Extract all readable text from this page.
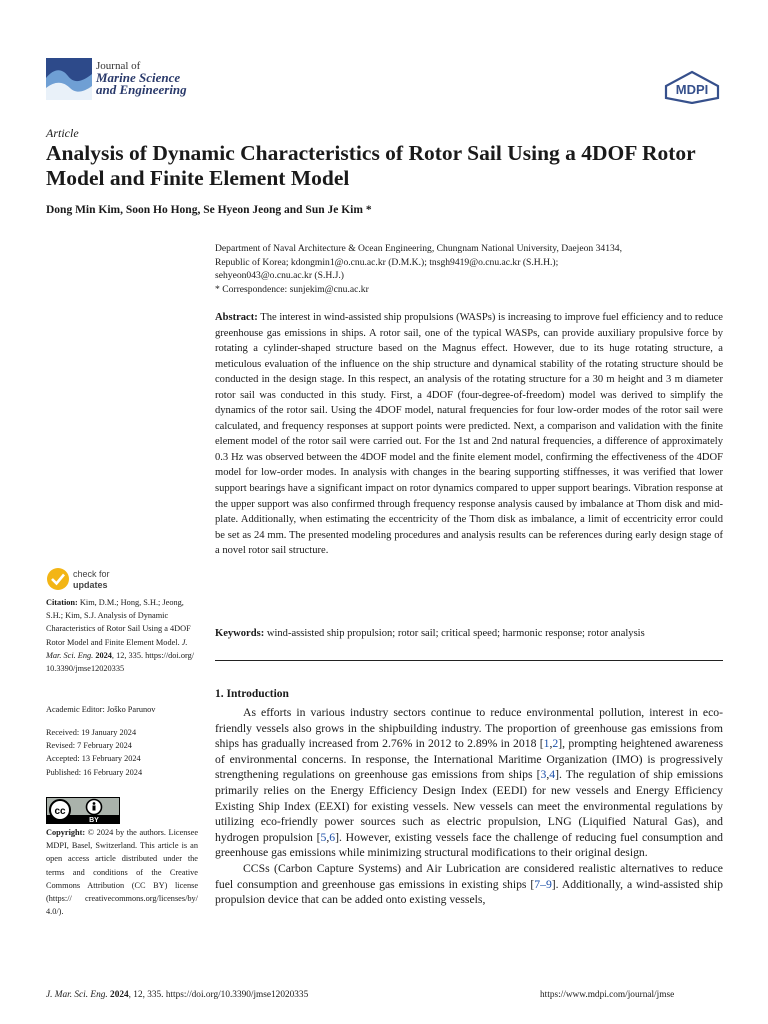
Journal of
Marine Science
and Engineering	MDPI
Article
Analysis of Dynamic Characteristics of Rotor Sail Using a 4DOF Rotor Model and Finite Element Model
Dong Min Kim, Soon Ho Hong, Se Hyeon Jeong and Sun Je Kim *
Department of Naval Architecture & Ocean Engineering, Chungnam National University, Daejeon 34134,
Republic of Korea; kdongmin1@o.cnu.ac.kr (D.M.K.); tnsgh9419@o.cnu.ac.kr (S.H.H.);
sehyeon043@o.cnu.ac.kr (S.H.J.)
* Correspondence: sunjekim@cnu.ac.kr
Abstract: The interest in wind-assisted ship propulsions (WASPs) is increasing to improve fuel efficiency and to reduce greenhouse gas emissions in ships. A rotor sail, one of the typical WASPs, can provide auxiliary propulsive force by rotating a cylinder-shaped structure based on the Magnus effect. However, due to its huge rotating structure, a meticulous evaluation of the influence on the ship structure and dynamical stability of the rotating structure should be conducted in the design stage. In this respect, an analysis of the rotating structure for a 30 m height and 3 m diameter rotor sail was conducted in this study. First, a 4DOF (four-degree-of-freedom) model was derived to simplify the dynamics of the rotor sail. Using the 4DOF model, natural frequencies for four low-order modes of the rotor sail were calculated, and frequency responses at support points were predicted. Next, a comparison and validation with the finite element model of the rotor sail were carried out. For the 1st and 2nd natural frequencies, a difference of approximately 0.3 Hz was observed between the 4DOF model and the finite element model, confirming the effectiveness of the 4DOF model for low-order modes. In analysis with changes in the bearing supporting stiffnesses, it was verified that lower support bearings have a significant impact on rotor dynamics compared to upper support bearings. Vibration response at the upper support was also confirmed through frequency response analysis caused by imbalance at Thom disk and mid-plate. Additionally, when estimating the eccentricity of the Thom disk as imbalance, a limit of eccentricity error could be set as 24 mm. The presented modeling procedures and analysis results can be references during early design stage of a novel rotor sail structure.
Keywords: wind-assisted ship propulsion; rotor sail; critical speed; harmonic response; rotor analysis
1. Introduction

As efforts in various industry sectors continue to reduce environmental pollution, interest in eco-friendly vessels also grows in the shipbuilding industry. The proportion of greenhouse gas emissions from ships has gradually increased from 2.76% in 2012 to 2.89% in 2018 [1,2], prompting heightened awareness of environmental concerns. In response, the International Maritime Organization (IMO) is progressively strengthening regulations on greenhouse gas emissions from ships [3,4]. The regulation of ship emissions primarily relies on the Energy Efficiency Design Index (EEDI) for new vessels and Energy Efficiency Existing Ship Index (EEXI) for existing vessels. New vessels can meet the environmental regulations by utilizing eco-friendly power sources such as electric propulsion, LNG (Liquified Natural Gas), and hydrogen propulsion [5,6]. However, existing vessels face the challenge of reducing fuel consumption and greenhouse gas emissions while minimizing structural modifications to their original design.

CCSs (Carbon Capture Systems) and Air Lubrication are considered realistic alternatives to reduce fuel consumption and greenhouse gas emissions in existing ships [7–9]. Additionally, a wind-assisted ship propulsion device that can be added onto existing vessels,

check for
updates
Citation: Kim, D.M.; Hong, S.H.; Jeong, S.H.; Kim, S.J. Analysis of Dynamic Characteristics of Rotor Sail Using a 4DOF Rotor Model and Finite Element Model. J. Mar. Sci. Eng. 2024, 12, 335. https://doi.org/ 10.3390/jmse12020335
Academic Editor: Joško Parunov
Received: 19 January 2024
Revised: 7 February 2024
Accepted: 13 February 2024
Published: 16 February 2024
cc
BY
Copyright: © 2024 by the authors. Licensee MDPI, Basel, Switzerland. This article is an open access article distributed under the terms and conditions of the Creative Commons Attribution (CC BY) license (https:// creativecommons.org/licenses/by/ 4.0/).
J. Mar. Sci. Eng. 2024, 12, 335. https://doi.org/10.3390/jmse12020335	https://www.mdpi.com/journal/jmse
